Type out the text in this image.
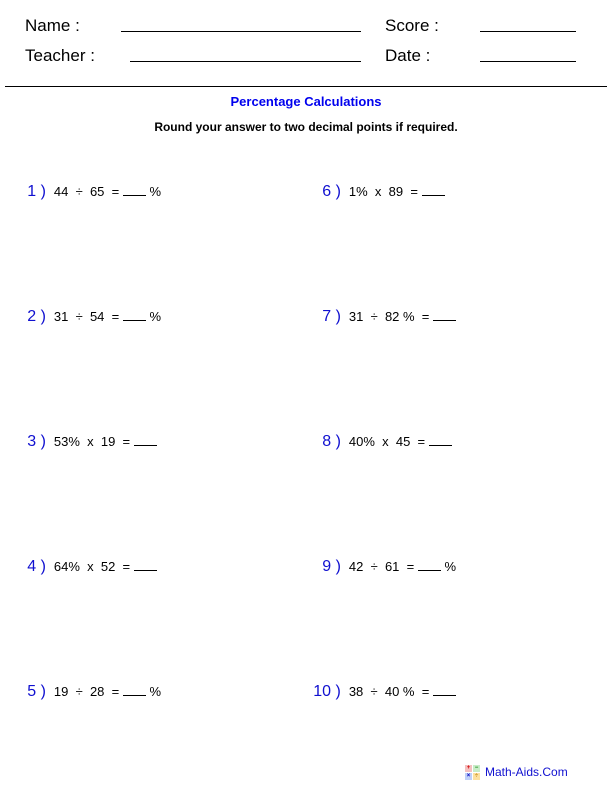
Name :	Score :
Teacher :	Date :
Percentage Calculations
Round your answer to two decimal points if required.

1 ) 44  ÷  65  =  %

2 ) 31  ÷  54  =  %

3 ) 53%  x  19  =

4 ) 64%  x  52  =

5 ) 19  ÷  28  =  %

6 ) 1%  x  89  =

7 ) 31  ÷  82 %  =

8 ) 40%  x  45  =

9 ) 42  ÷  61  =  %

10 ) 38  ÷  40 %  =

+ −
× ÷ Math-Aids.Com
